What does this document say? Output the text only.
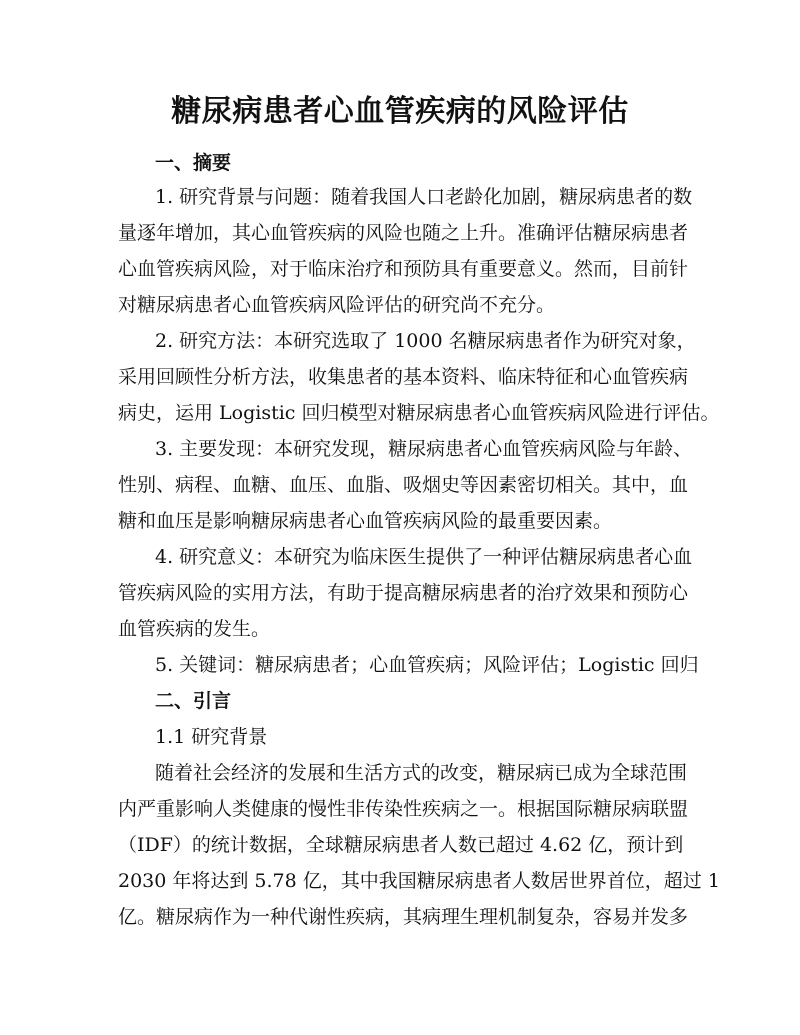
糖尿病患者心血管疾病的风险评估
一、摘要

1. 研究背景与问题：随着我国人口老龄化加剧，糖尿病患者的数

量逐年增加，其心血管疾病的风险也随之上升。准确评估糖尿病患者

心血管疾病风险，对于临床治疗和预防具有重要意义。然而，目前针

对糖尿病患者心血管疾病风险评估的研究尚不充分。

2. 研究方法：本研究选取了 1000 名糖尿病患者作为研究对象，

采用回顾性分析方法，收集患者的基本资料、临床特征和心血管疾病

病史，运用 Logistic 回归模型对糖尿病患者心血管疾病风险进行评估。

3. 主要发现：本研究发现，糖尿病患者心血管疾病风险与年龄、

性别、病程、血糖、血压、血脂、吸烟史等因素密切相关。其中，血

糖和血压是影响糖尿病患者心血管疾病风险的最重要因素。

4. 研究意义：本研究为临床医生提供了一种评估糖尿病患者心血

管疾病风险的实用方法，有助于提高糖尿病患者的治疗效果和预防心

血管疾病的发生。

5. 关键词：糖尿病患者；心血管疾病；风险评估；Logistic 回归

二、引言

1.1 研究背景

随着社会经济的发展和生活方式的改变，糖尿病已成为全球范围

内严重影响人类健康的慢性非传染性疾病之一。根据国际糖尿病联盟

（IDF）的统计数据，全球糖尿病患者人数已超过 4.62 亿，预计到

2030 年将达到 5.78 亿，其中我国糖尿病患者人数居世界首位，超过 1

亿。糖尿病作为一种代谢性疾病，其病理生理机制复杂，容易并发多
